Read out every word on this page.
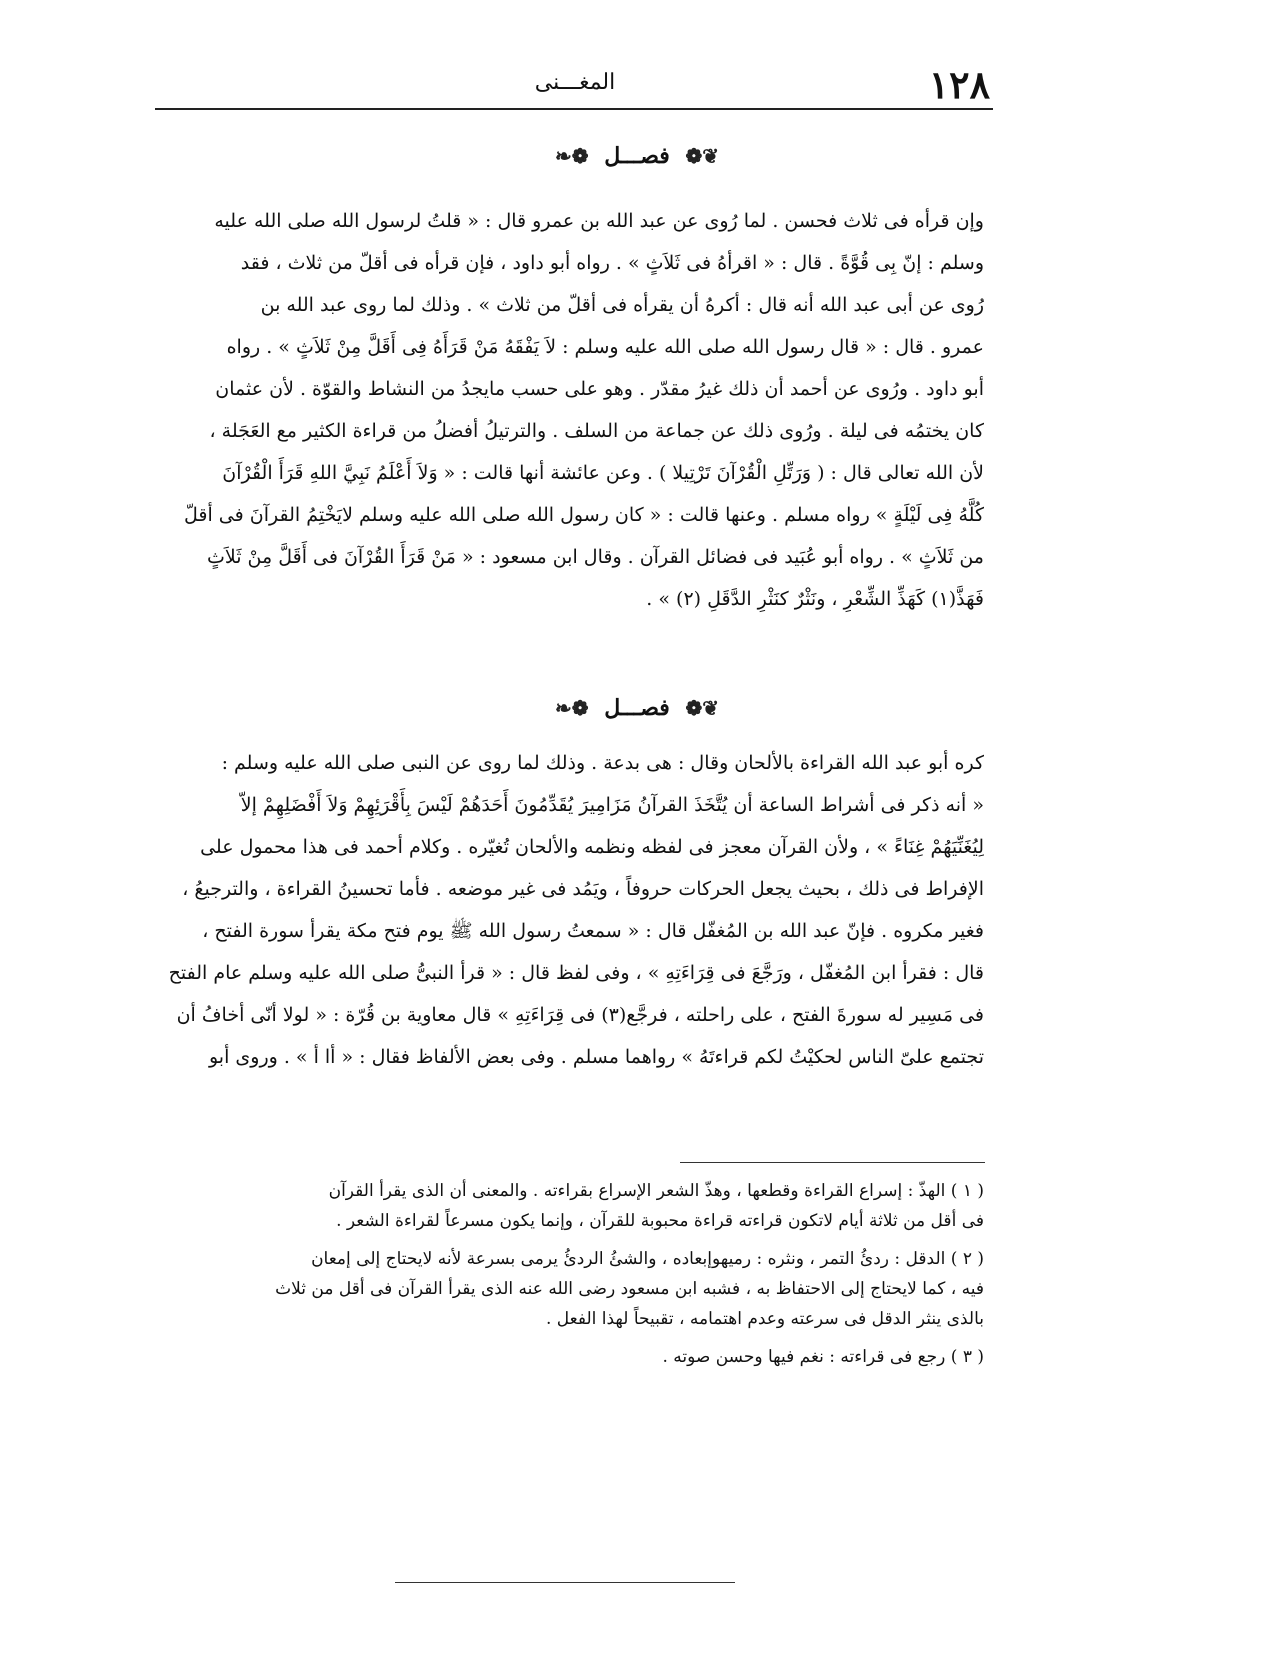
١٢٨
المغـــنى
❦❁ فصـــل ❁❧
وإن قرأه فى ثلاث فحسن . لما رُوى عن عبد الله بن عمرو قال : « قلتُ لرسول الله صلى الله عليه
وسلم : إنّ بِى قُوَّةً . قال : « اقرأهُ فى ثَلاَثٍ » . رواه أبو داود ، فإن قرأه فى أقلّ من ثلاث ، فقد
رُوى عن أبى عبد الله أنه قال : أكرهُ أن يقرأه فى أقلّ من ثلاث » . وذلك لما روى عبد الله بن
عمرو . قال : « قال رسول الله صلى الله عليه وسلم : لاَ يَفْقَهُ مَنْ قَرَأَهُ فِى أَقَلَّ مِنْ ثَلاَثٍ » . رواه
أبو داود . ورُوى عن أحمد أن ذلك غيرُ مقدّر . وهو على حسب مايجدُ من النشاط والقوّة . لأن عثمان
كان يختمُه فى ليلة . ورُوى ذلك عن جماعة من السلف . والترتيلُ أفضلُ من قراءة الكثير مع العَجَلة ،
لأن الله تعالى قال : ( وَرَتِّلِ الْقُرْآنَ تَرْتِيلا ) . وعن عائشة أنها قالت : « وَلاَ أَعْلَمُ نَبِيَّ اللهِ قَرَأَ الْقُرْآنَ
كُلَّهُ فِى لَيْلَةٍ » رواه مسلم . وعنها قالت : « كان رسول الله صلى الله عليه وسلم لايَخْتِمُ القرآنَ فى أقلّ
من ثَلاَثٍ » . رواه أبو عُبَيد فى فضائل القرآن . وقال ابن مسعود : « مَنْ قَرَأَ القُرْآنَ فى أَقَلَّ مِنْ ثَلاَثٍ
فَهَذَّ(١) كَهَذِّ الشِّعْرِ ، ونَثْرٌ كنَثْرِ الدَّقَلِ (٢) » .
❦❁ فصـــل ❁❧
كره أبو عبد الله القراءة بالألحان وقال : هى بدعة . وذلك لما روى عن النبى صلى الله عليه وسلم :
« أنه ذكر فى أشراط الساعة أن يُتَّخَذَ القرآنُ مَزَامِيرَ يُقَدِّمُونَ أَحَدَهُمْ لَيْسَ بِأَقْرَئِهِمْ وَلاَ أَفْضَلِهِمْ إلاّ
لِيُغَنِّيَهُمْ غِنَاءً » ، ولأن القرآن معجز فى لفظه ونظمه والألحان تُغيّره . وكلام أحمد فى هذا محمول على
الإفراط فى ذلك ، بحيث يجعل الحركات حروفاً ، ويَمُد فى غير موضعه . فأما تحسينُ القراءة ، والترجيعُ ،
فغير مكروه . فإنّ عبد الله بن المُغفّل قال : « سمعتُ رسول الله ﷺ يوم فتح مكة يقرأ سورة الفتح ،
قال : فقرأ ابن المُغفّل ، ورَجَّعَ فى قِرَاءَتِهِ » ، وفى لفظ قال : « قرأ النبىُّ صلى الله عليه وسلم عام الفتح
فى مَسِير له سورةَ الفتح ، على راحلته ، فرجَّع(٣) فى قِرَاءَتِهِ » قال معاوية بن قُرّة : « لولا أنّى أخافُ أن
تجتمع علىّ الناس لحكيْتُ لكم قراءتَهُ » رواهما مسلم . وفى بعض الألفاظ فقال : « أا أ » . وروى أبو
( ١ ) الهذّ : إسراع القراءة وقطعها ، وهذّ الشعر الإسراع بقراءته . والمعنى أن الذى يقرأ القرآن
فى أقل من ثلاثة أيام لاتكون قراءته قراءة محبوبة للقرآن ، وإنما يكون مسرعاً لقراءة الشعر .
( ٢ ) الدقل : ردئُ التمر ، ونثره : رميهوإبعاده ، والشئُ الردئُ يرمى بسرعة لأنه لايحتاج إلى إمعان
فيه ، كما لايحتاج إلى الاحتفاظ به ، فشبه ابن مسعود رضى الله عنه الذى يقرأ القرآن فى أقل من ثلاث
بالذى ينثر الدقل فى سرعته وعدم اهتمامه ، تقبيحاً لهذا الفعل .
( ٣ ) رجع فى قراءته : نغم فيها وحسن صوته .
